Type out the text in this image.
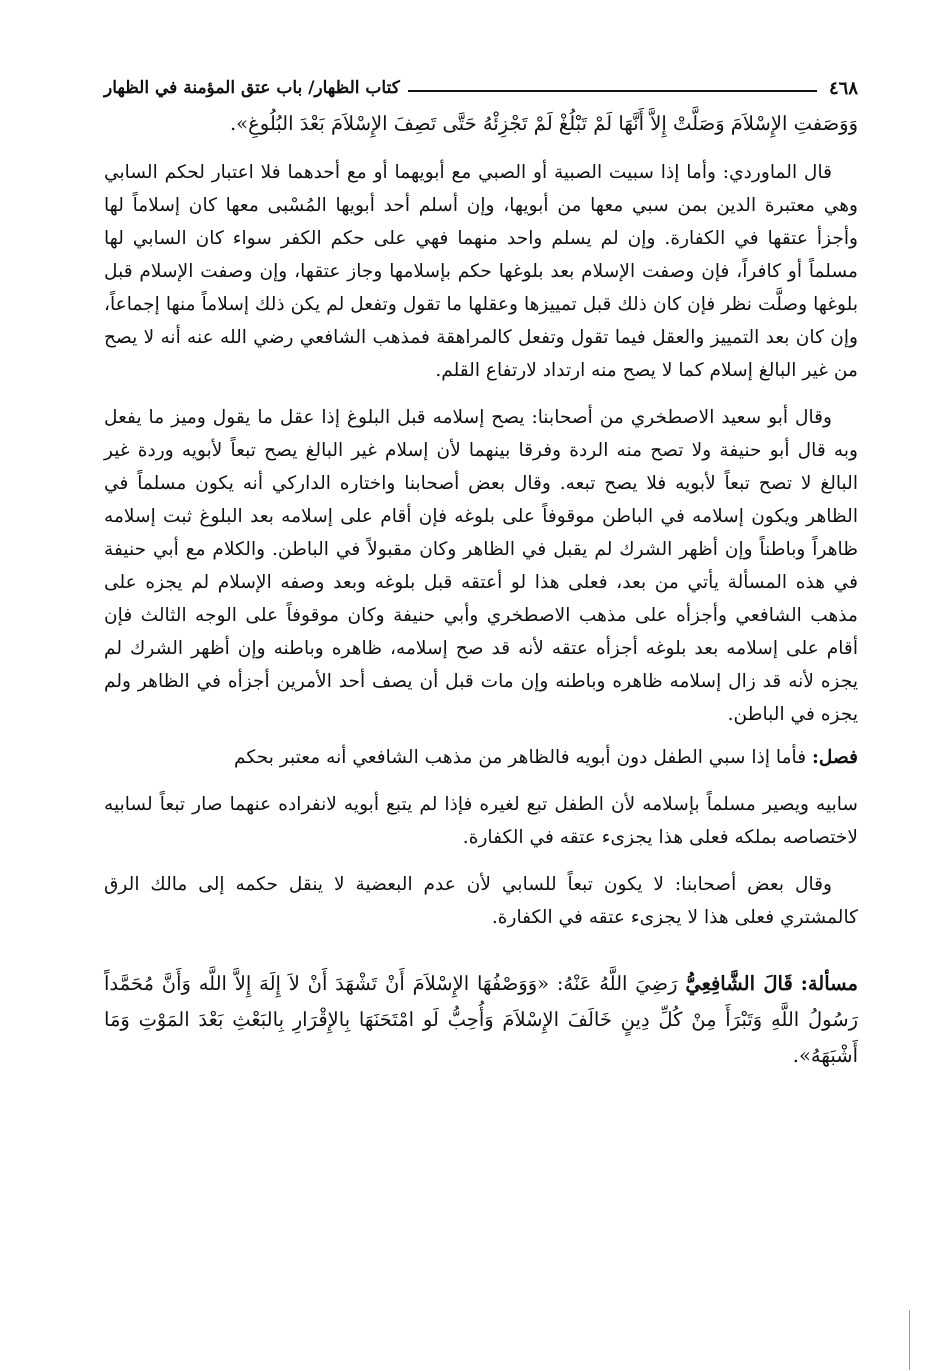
٤٦٨
كتاب الظهار/ باب عتق المؤمنة في الظهار

وَوَصَفتِ الإِسْلاَمَ وَصَلَّتْ إِلاَّ أَنَّهَا لَمْ تَبْلُغْ لَمْ تَجْزِئْهُ حَتَّى تَصِفَ الإِسْلاَمَ بَعْدَ البُلُوغِ».

قال الماوردي: وأما إذا سبيت الصبية أو الصبي مع أبويهما أو مع أحدهما فلا اعتبار لحكم السابي وهي معتبرة الدين بمن سبي معها من أبويها، وإن أسلم أحد أبويها المُسْبى معها كان إسلاماً لها وأجزأ عتقها في الكفارة. وإن لم يسلم واحد منهما فهي على حكم الكفر سواء كان السابي لها مسلماً أو كافراً، فإن وصفت الإسلام بعد بلوغها حكم بإسلامها وجاز عتقها، وإن وصفت الإسلام قبل بلوغها وصلَّت نظر فإن كان ذلك قبل تمييزها وعقلها ما تقول وتفعل لم يكن ذلك إسلاماً منها إجماعاً، وإن كان بعد التمييز والعقل فيما تقول وتفعل كالمراهقة فمذهب الشافعي رضي الله عنه أنه لا يصح من غير البالغ إسلام كما لا يصح منه ارتداد لارتفاع القلم.

وقال أبو سعيد الاصطخري من أصحابنا: يصح إسلامه قبل البلوغ إذا عقل ما يقول وميز ما يفعل وبه قال أبو حنيفة ولا تصح منه الردة وفرقا بينهما لأن إسلام غير البالغ يصح تبعاً لأبويه وردة غير البالغ لا تصح تبعاً لأبويه فلا يصح تبعه. وقال بعض أصحابنا واختاره الداركي أنه يكون مسلماً في الظاهر ويكون إسلامه في الباطن موقوفاً على بلوغه فإن أقام على إسلامه بعد البلوغ ثبت إسلامه ظاهراً وباطناً وإن أظهر الشرك لم يقبل في الظاهر وكان مقبولاً في الباطن. والكلام مع أبي حنيفة في هذه المسألة يأتي من بعد، فعلى هذا لو أعتقه قبل بلوغه وبعد وصفه الإسلام لم يجزه على مذهب الشافعي وأجزأه على مذهب الاصطخري وأبي حنيفة وكان موقوفاً على الوجه الثالث فإن أقام على إسلامه بعد بلوغه أجزأه عتقه لأنه قد صح إسلامه، ظاهره وباطنه وإن أظهر الشرك لم يجزه لأنه قد زال إسلامه ظاهره وباطنه وإن مات قبل أن يصف أحد الأمرين أجزأه في الظاهر ولم يجزه في الباطن.

فصل: فأما إذا سبي الطفل دون أبويه فالظاهر من مذهب الشافعي أنه معتبر بحكم

سابيه ويصير مسلماً بإسلامه لأن الطفل تبع لغيره فإذا لم يتبع أبويه لانفراده عنهما صار تبعاً لسابيه لاختصاصه بملكه فعلى هذا يجزىء عتقه في الكفارة.

وقال بعض أصحابنا: لا يكون تبعاً للسابي لأن عدم البعضية لا ينقل حكمه إلى مالك الرق كالمشتري فعلى هذا لا يجزىء عتقه في الكفارة.

مسألة: قَالَ الشَّافِعِيُّ رَضِيَ اللَّهُ عَنْهُ: «وَوَصْفُهَا الإِسْلاَمَ أَنْ تَشْهَدَ أَنْ لاَ إِلَهَ إِلاَّ اللَّه وَأَنَّ مُحَمَّداً رَسُولُ اللَّهِ وَتَبْرَأَ مِنْ كُلِّ دِينٍ خَالَفَ الإِسْلاَمَ وَأُحِبُّ لَو امْتَحَنَهَا بِالإِقْرَارِ بِالبَعْثِ بَعْدَ المَوْتِ وَمَا أَشْبَهَهُ».
